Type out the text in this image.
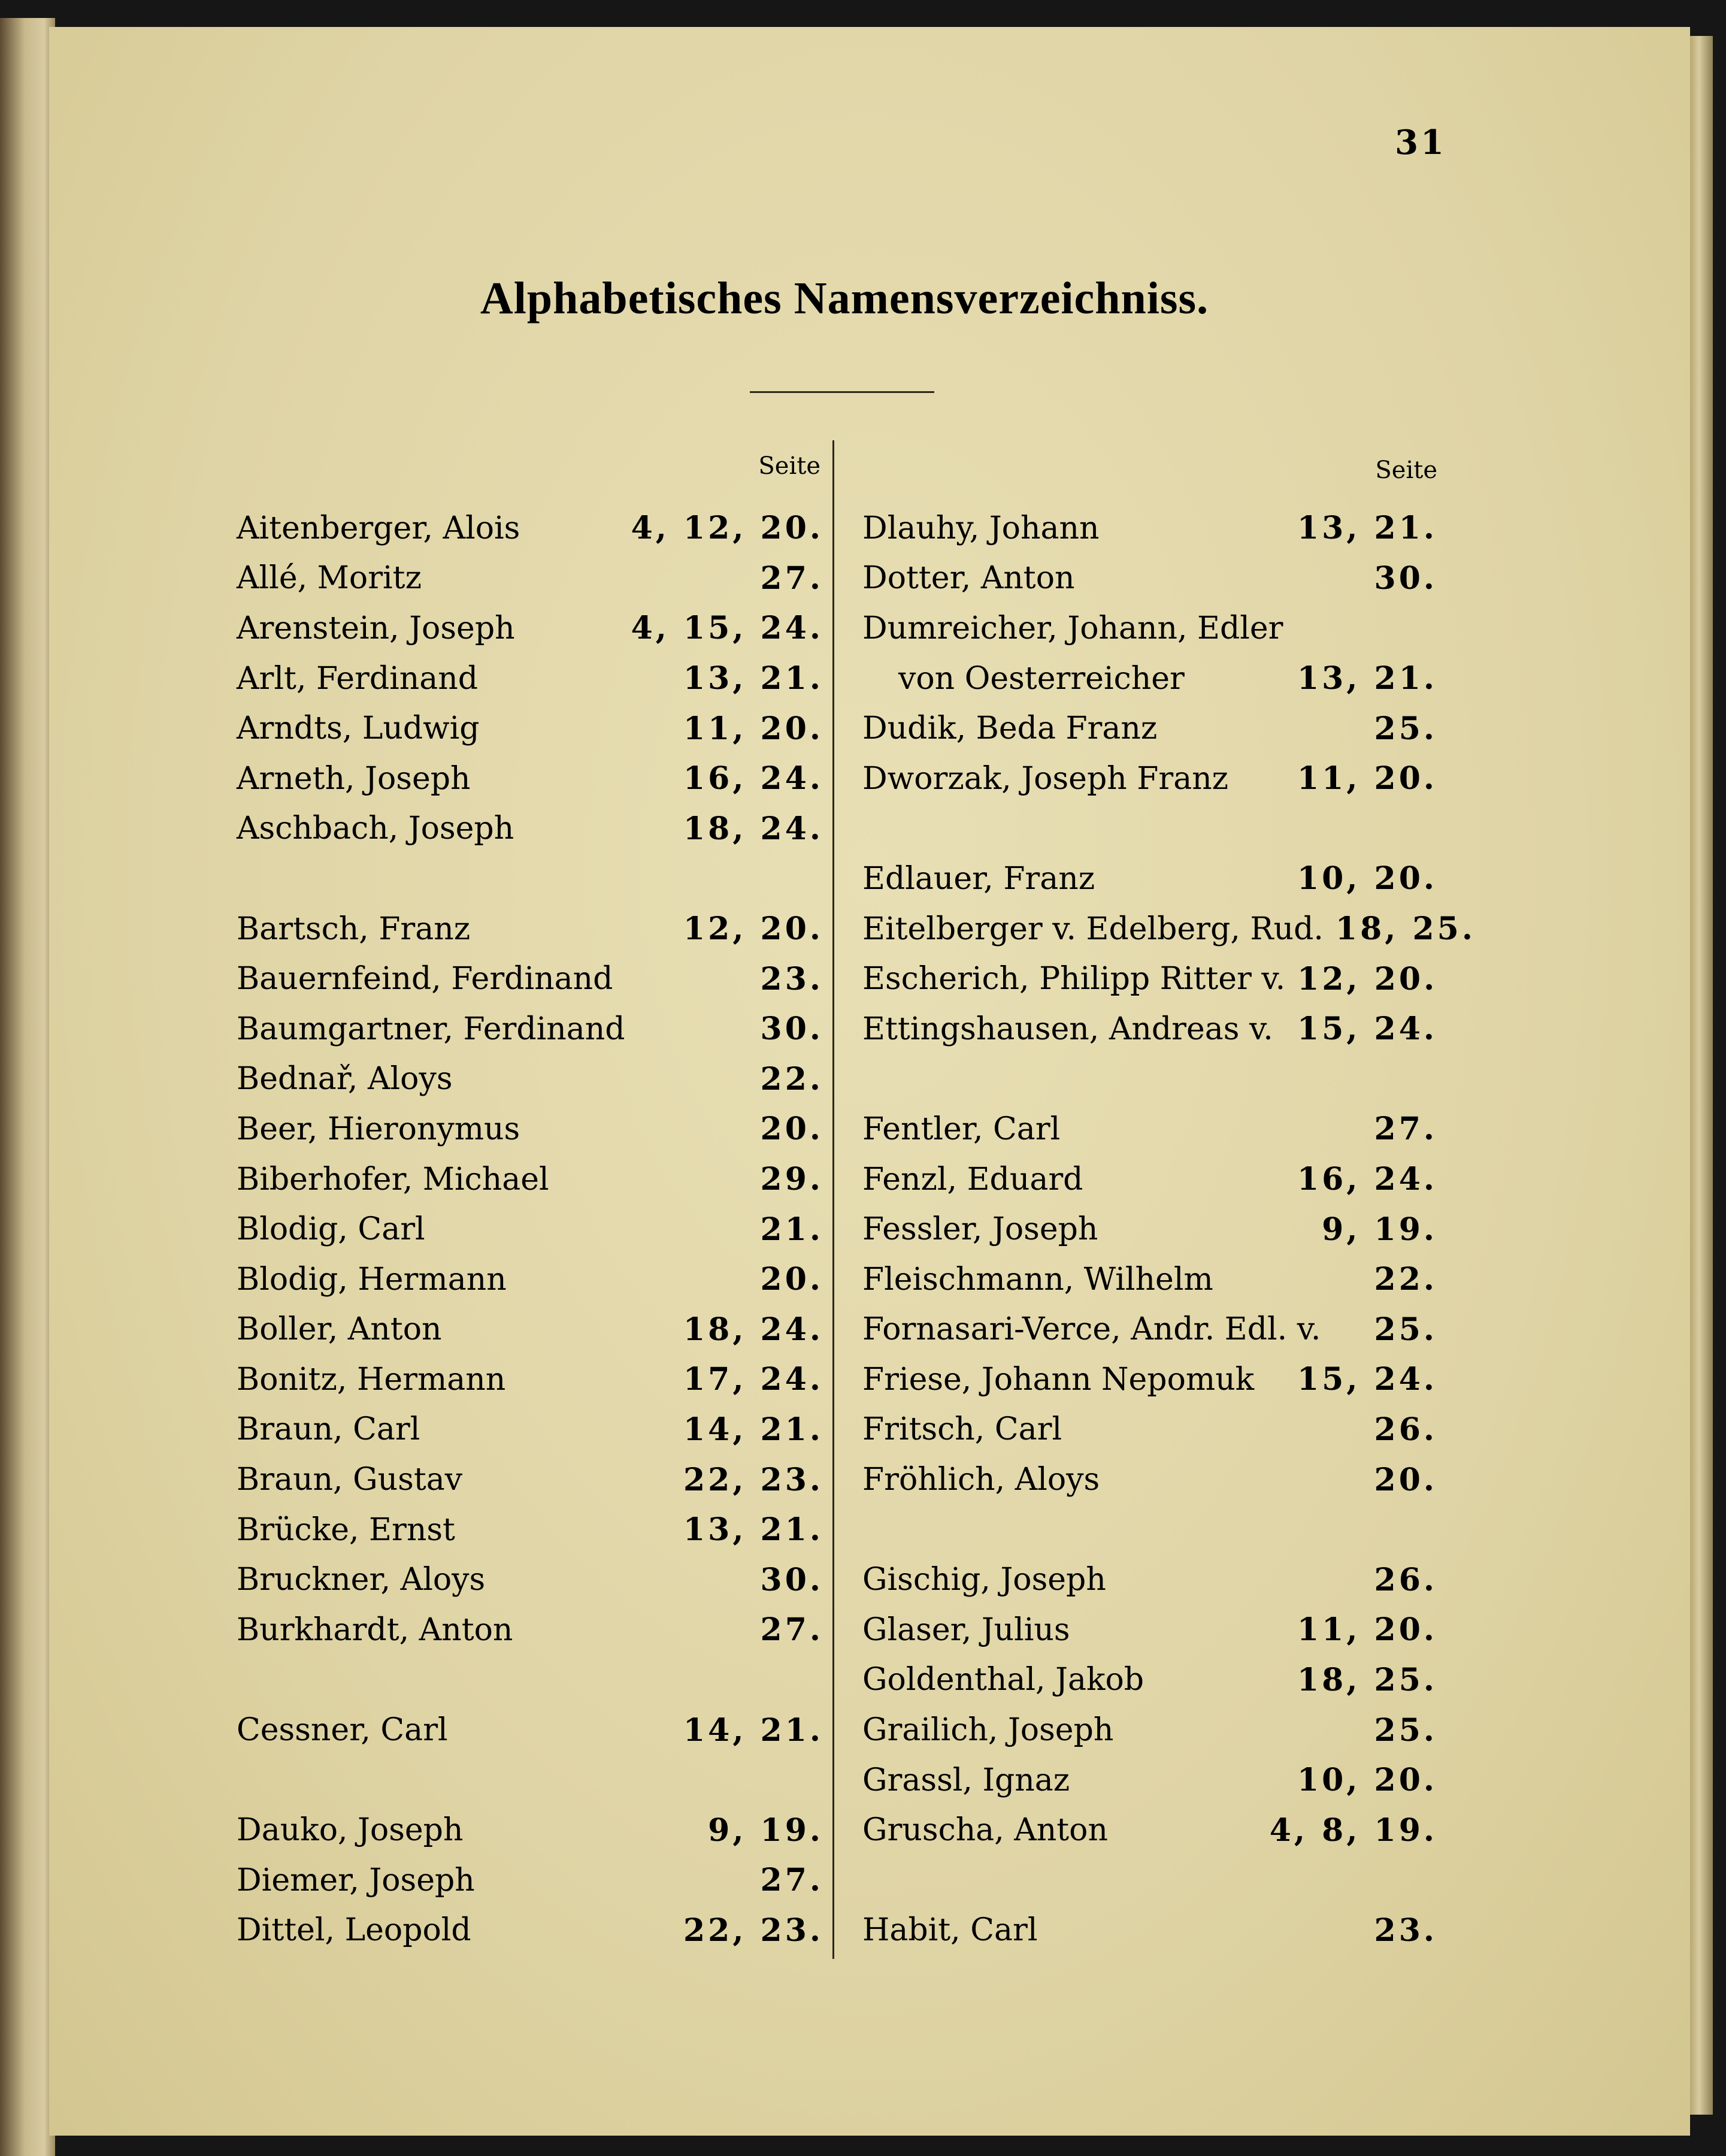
31
Alphabetisches Namensverzeichniss.
Seite	Seite
Aitenberger, Alois	4, 12, 20.
Allé, Moritz	27.
Arenstein, Joseph	4, 15, 24.
Arlt, Ferdinand	13, 21.
Arndts, Ludwig	11, 20.
Arneth, Joseph	16, 24.
Aschbach, Joseph	18, 24.
Bartsch, Franz	12, 20.
Bauernfeind, Ferdinand	23.
Baumgartner, Ferdinand	30.
Bednař, Aloys	22.
Beer, Hieronymus	20.
Biberhofer, Michael	29.
Blodig, Carl	21.
Blodig, Hermann	20.
Boller, Anton	18, 24.
Bonitz, Hermann	17, 24.
Braun, Carl	14, 21.
Braun, Gustav	22, 23.
Brücke, Ernst	13, 21.
Bruckner, Aloys	30.
Burkhardt, Anton	27.
Cessner, Carl	14, 21.
Dauko, Joseph	9, 19.
Diemer, Joseph	27.
Dittel, Leopold	22, 23.
Dlauhy, Johann	13, 21.
Dotter, Anton	30.
Dumreicher, Johann, Edler
von Oesterreicher	13, 21.
Dudik, Beda Franz	25.
Dworzak, Joseph Franz	11, 20.
Edlauer, Franz	10, 20.
Eitelberger v. Edelberg, Rud. 18, 25.
Escherich, Philipp Ritter v. 12, 20.
Ettingshausen, Andreas v. 15, 24.
Fentler, Carl	27.
Fenzl, Eduard	16, 24.
Fessler, Joseph	9, 19.
Fleischmann, Wilhelm	22.
Fornasari-Verce, Andr. Edl. v.	25.
Friese, Johann Nepomuk	15, 24.
Fritsch, Carl	26.
Fröhlich, Aloys	20.
Gischig, Joseph	26.
Glaser, Julius	11, 20.
Goldenthal, Jakob	18, 25.
Grailich, Joseph	25.
Grassl, Ignaz	10, 20.
Gruscha, Anton	4, 8, 19.
Habit, Carl	23.
